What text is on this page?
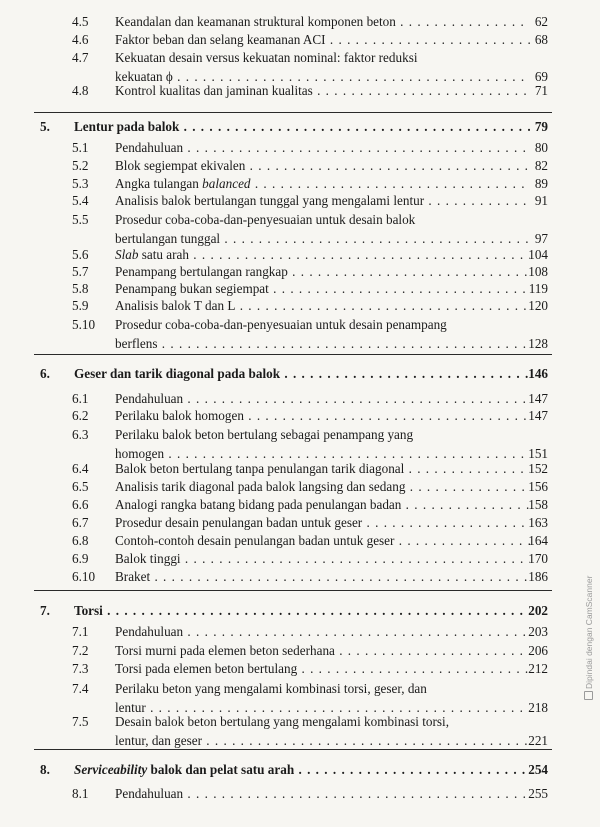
4.5 Keandalan dan keamanan struktural komponen beton . . .	62
4.6 Faktor beban dan selang keamanan ACI . . .	68
4.7 Kekuatan desain versus kekuatan nominal: faktor reduksi
kekuatan ϕ . . .	69
4.8 Kontrol kualitas dan jaminan kualitas . . .	71
5. Lentur pada balok . . .	79
5.1 Pendahuluan . . .	80
5.2 Blok segiempat ekivalen . . .	82
5.3 Angka tulangan balanced . . .	89
5.4 Analisis balok bertulangan tunggal yang mengalami lentur . . .	91
5.5 Prosedur coba-coba-dan-penyesuaian untuk desain balok
bertulangan tunggal . . .	97
5.6 Slab satu arah . . .	104
5.7 Penampang bertulangan rangkap . . .	108
5.8 Penampang bukan segiempat . . .	119
5.9 Analisis balok T dan L . . .	120
5.10 Prosedur coba-coba-dan-penyesuaian untuk desain penampang
berflens . . .	128
6. Geser dan tarik diagonal pada balok . . .	146
6.1 Pendahuluan . . .	147
6.2 Perilaku balok homogen . . .	147
6.3 Perilaku balok beton bertulang sebagai penampang yang
homogen . . .	151
6.4 Balok beton bertulang tanpa penulangan tarik diagonal . . .	152
6.5 Analisis tarik diagonal pada balok langsing dan sedang . . .	156
6.6 Analogi rangka batang bidang pada penulangan badan . . .	158
6.7 Prosedur desain penulangan badan untuk geser . . .	163
6.8 Contoh-contoh desain penulangan badan untuk geser . . .	164
6.9 Balok tinggi . . .	170
6.10 Braket . . .	186
7. Torsi . . .	202
7.1 Pendahuluan . . .	203
7.2 Torsi murni pada elemen beton sederhana . . .	206
7.3 Torsi pada elemen beton bertulang . . .	212
7.4 Perilaku beton yang mengalami kombinasi torsi, geser, dan
lentur . . .	218
7.5 Desain balok beton bertulang yang mengalami kombinasi torsi,
lentur, dan geser . . .	221
8. Serviceability balok dan pelat satu arah . . .	254
8.1 Pendahuluan . . .	255
Dipindai dengan CamScanner
